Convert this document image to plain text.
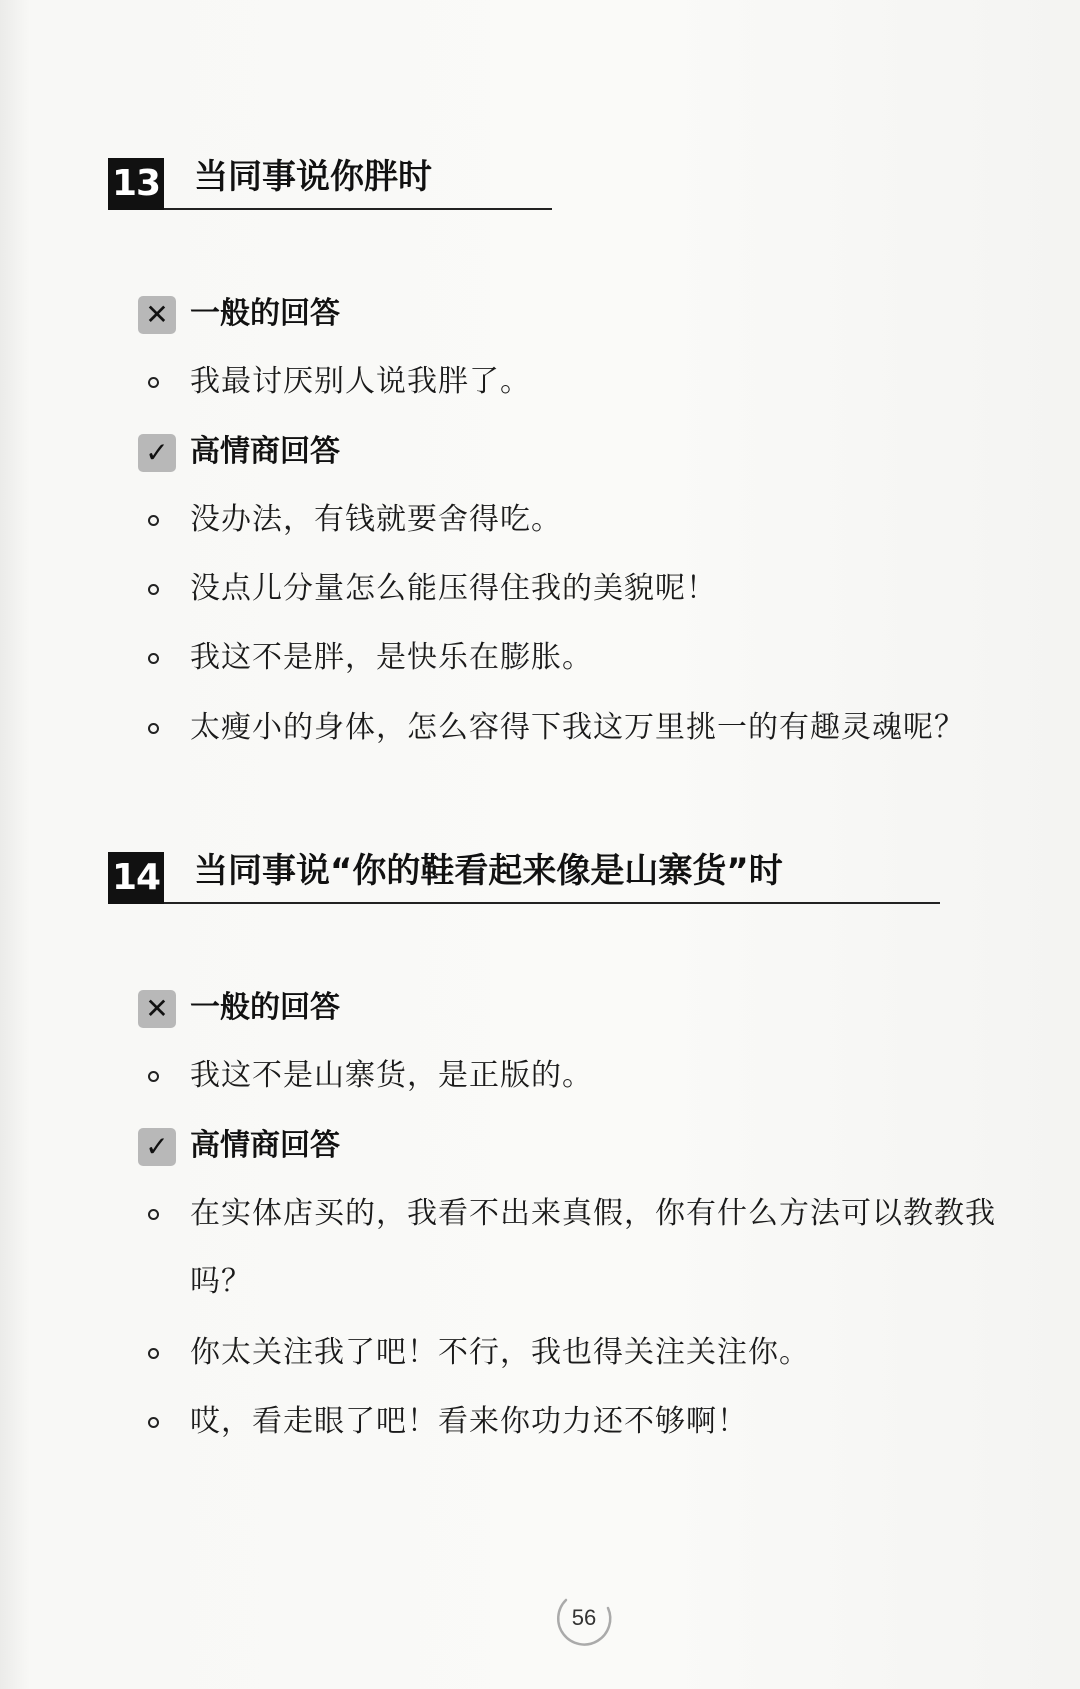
13 当同事说你胖时
✕ 一般的回答
我最讨厌别人说我胖了。
✓ 高情商回答
没办法，有钱就要舍得吃。
没点儿分量怎么能压得住我的美貌呢！
我这不是胖，是快乐在膨胀。
太瘦小的身体，怎么容得下我这万里挑一的有趣灵魂呢？
14 当同事说“你的鞋看起来像是山寨货”时
✕ 一般的回答
我这不是山寨货，是正版的。
✓ 高情商回答
在实体店买的，我看不出来真假，你有什么方法可以教教我吗？
你太关注我了吧！不行，我也得关注关注你。
哎，看走眼了吧！看来你功力还不够啊！
56
